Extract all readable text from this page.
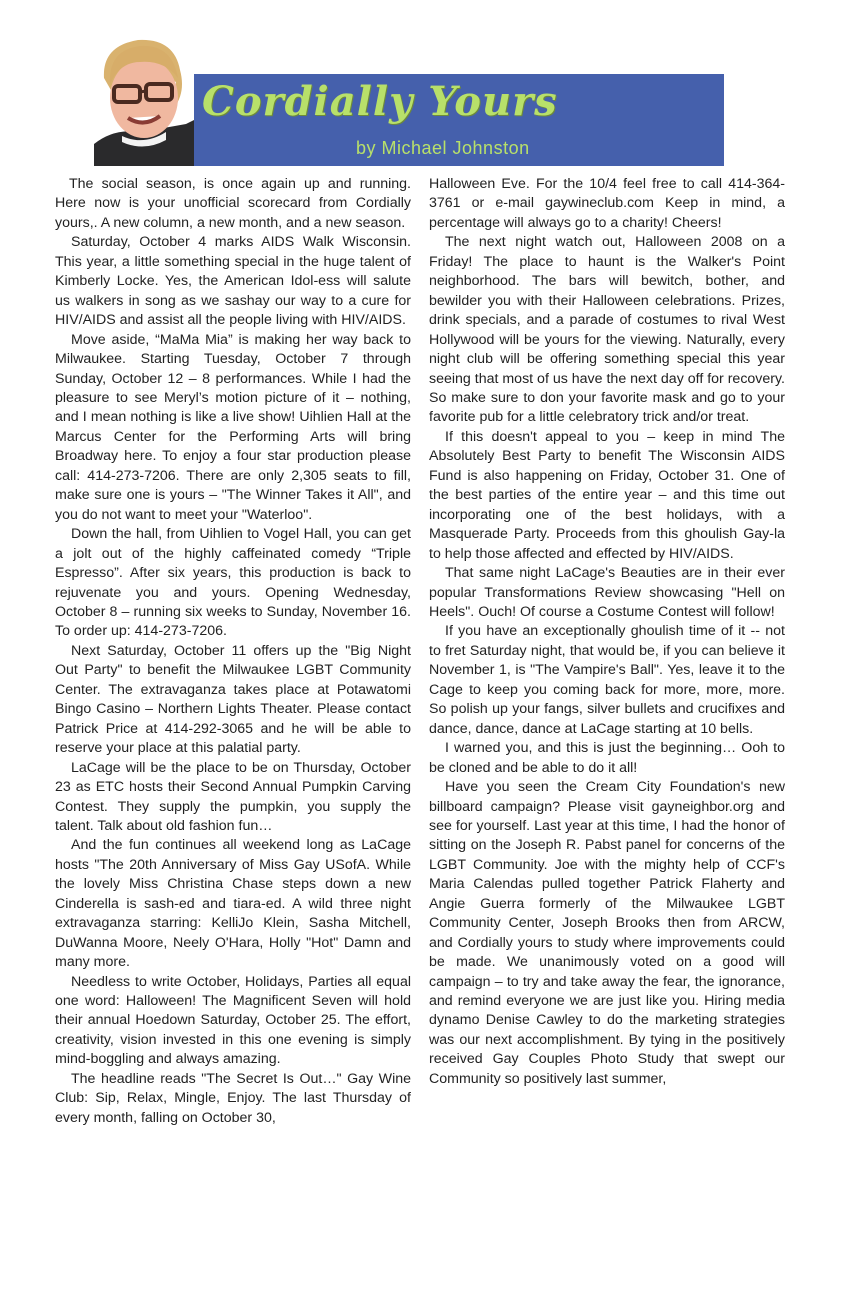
Cordially Yours
by Michael Johnston

The social season, is once again up and running. Here now is your unofficial scorecard from Cordially yours,. A new column, a new month, and a new season.

Saturday, October 4 marks AIDS Walk Wisconsin. This year, a little something special in the huge talent of Kimberly Locke. Yes, the American Idol-ess will salute us walkers in song as we sashay our way to a cure for HIV/AIDS and assist all the people living with HIV/AIDS.

Move aside, “MaMa Mia” is making her way back to Milwaukee. Starting Tuesday, October 7 through Sunday, October 12 – 8 performances. While I had the pleasure to see Meryl’s motion picture of it – nothing, and I mean nothing is like a live show! Uihlien Hall at the Marcus Center for the Performing Arts will bring Broadway here. To enjoy a four star production please call: 414-273-7206. There are only 2,305 seats to fill, make sure one is yours – "The Winner Takes it All", and you do not want to meet your "Waterloo".

Down the hall, from Uihlien to Vogel Hall, you can get a jolt out of the highly caffeinated comedy “Triple Espresso”. After six years, this production is back to rejuvenate you and yours. Opening Wednesday, October 8 – running six weeks to Sunday, November 16. To order up: 414-273-7206.

Next Saturday, October 11 offers up the "Big Night Out Party" to benefit the Milwaukee LGBT Community Center. The extravaganza takes place at Potawatomi Bingo Casino – Northern Lights Theater. Please contact Patrick Price at 414-292-3065 and he will be able to reserve your place at this palatial party.

LaCage will be the place to be on Thursday, October 23 as ETC hosts their Second Annual Pumpkin Carving Contest. They supply the pumpkin, you supply the talent. Talk about old fashion fun…

And the fun continues all weekend long as LaCage hosts "The 20th Anniversary of Miss Gay USofA. While the lovely Miss Christina Chase steps down a new Cinderella is sash-ed and tiara-ed. A wild three night extravaganza starring: KelliJo Klein, Sasha Mitchell, DuWanna Moore, Neely O'Hara, Holly "Hot" Damn and many more.

Needless to write October, Holidays, Parties all equal one word: Halloween! The Magnificent Seven will hold their annual Hoedown Saturday, October 25. The effort, creativity, vision invested in this one evening is simply mind-boggling and always amazing.

The headline reads "The Secret Is Out…" Gay Wine Club: Sip, Relax, Mingle, Enjoy. The last Thursday of every month, falling on October 30,

Halloween Eve. For the 10/4 feel free to call 414-364-3761 or e-mail gaywineclub.com Keep in mind, a percentage will always go to a charity! Cheers!

The next night watch out, Halloween 2008 on a Friday! The place to haunt is the Walker's Point neighborhood. The bars will bewitch, bother, and bewilder you with their Halloween celebrations. Prizes, drink specials, and a parade of costumes to rival West Hollywood will be yours for the viewing. Naturally, every night club will be offering something special this year seeing that most of us have the next day off for recovery. So make sure to don your favorite mask and go to your favorite pub for a little celebratory trick and/or treat.

If this doesn't appeal to you – keep in mind The Absolutely Best Party to benefit The Wisconsin AIDS Fund is also happening on Friday, October 31. One of the best parties of the entire year – and this time out incorporating one of the best holidays, with a Masquerade Party. Proceeds from this ghoulish Gay-la to help those affected and effected by HIV/AIDS.

That same night LaCage's Beauties are in their ever popular Transformations Review showcasing "Hell on Heels". Ouch! Of course a Costume Contest will follow!

If you have an exceptionally ghoulish time of it -- not to fret Saturday night, that would be, if you can believe it November 1, is "The Vampire's Ball". Yes, leave it to the Cage to keep you coming back for more, more, more. So polish up your fangs, silver bullets and crucifixes and dance, dance, dance at LaCage starting at 10 bells.

I warned you, and this is just the beginning… Ooh to be cloned and be able to do it all!

Have you seen the Cream City Foundation's new billboard campaign? Please visit gayneighbor.org and see for yourself. Last year at this time, I had the honor of sitting on the Joseph R. Pabst panel for concerns of the LGBT Community. Joe with the mighty help of CCF's Maria Calendas pulled together Patrick Flaherty and Angie Guerra formerly of the Milwaukee LGBT Community Center, Joseph Brooks then from ARCW, and Cordially yours to study where improvements could be made. We unanimously voted on a good will campaign – to try and take away the fear, the ignorance, and remind everyone we are just like you. Hiring media dynamo Denise Cawley to do the marketing strategies was our next accomplishment. By tying in the positively received Gay Couples Photo Study that swept our Community so positively last summer,
